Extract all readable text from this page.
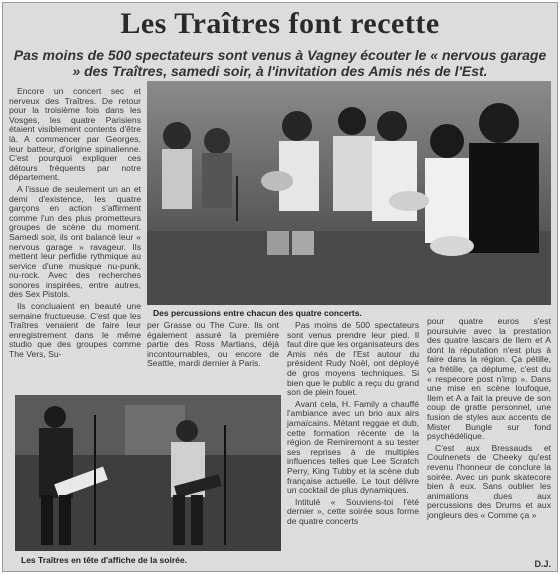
Les Traîtres font recette
Pas moins de 500 spectateurs sont venus à Vagney écouter le « nervous garage » des Traîtres, samedi soir, à l'invitation des Amis nés de l'Est.

Encore un concert sec et nerveux des Traîtres. De retour pour la troisième fois dans les Vosges, les quatre Parisiens étaient visiblement contents d'être là. A commencer par Georges, leur batteur, d'origine spinalienne. C'est pourquoi expliquer ces détours fréquents par notre département.

A l'issue de seulement un an et demi d'existence, les quatre garçons en action s'affirment comme l'un des plus prometteurs groupes de scène du moment. Samedi soir, ils ont balancé leur « nervous garage » ravageur. Ils mettent leur perfidie rythmique au service d'une musique nu-punk, nu-rock. Avec des recherches sonores inspirées, entre autres, des Sex Pistols.

Ils concluaient en beauté une semaine fructueuse. C'est que les Traîtres venaient de faire leur enregistrement dans le même studio que des groupes comme The Vers, Su-

Des percussions entre chacun des quatre concerts.

per Grasse ou The Cure. Ils ont également assuré la première partie des Ross Martians, déjà incontournables, ou encore de Seattle, mardi dernier à Paris.

Pas moins de 500 spectateurs sont venus prendre leur pied. Il faut dire que les organisateurs des Amis nés de l'Est autour du président Rudy Noël, ont déployé de gros moyens techniques. Si bien que le public a reçu du grand son de plein fouet.

Avant cela, H. Family a chauffé l'ambiance avec un brio aux airs jamaïcains. Métant reggae et dub, cette formation récente de la région de Remiremont a su tester ses reprises à de multiples influences telles que Lee Scratch Perry, King Tubby et la scène dub française actuelle. Le tout délivre un cocktail de plus dynamiques.

Intitulé « Souviens-toi l'été dernier », cette soirée sous forme de quatre concerts

pour quatre euros s'est poursuivie avec la prestation des quatre lascars de Ilem et A dont la réputation n'est plus à faire dans la région. Ça pétille, ça frétille, ça déplume, c'est du « respecore post n'imp ». Dans une mise en scène loufoque, Ilem et A a fait la preuve de son coup de gratte personnel, une fusion de styles aux accents de Mister Bungle sur fond psychédélique.

C'est aux Bressauds et Coulnenets de Cheeky qu'est revenu l'honneur de conclure la soirée. Avec un punk skatecore bien à eux. Sans oublier les animations dues aux percussions des Drums et aux jongleurs des « Comme ça »

Les Traîtres en tête d'affiche de la soirée.	D.J.
